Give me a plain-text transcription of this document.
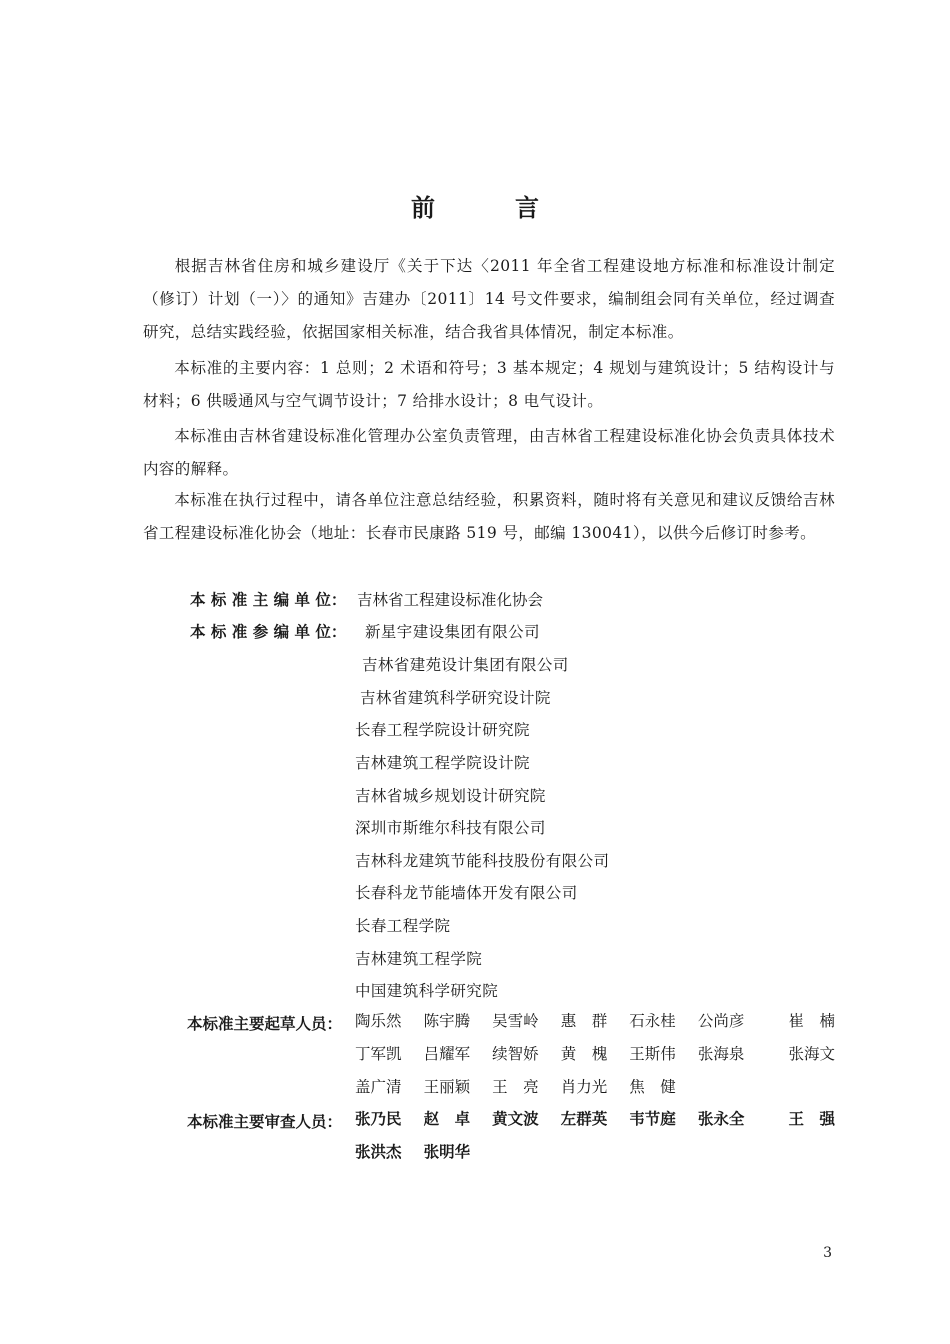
前　言

根据吉林省住房和城乡建设厅《关于下达〈2011 年全省工程建设地方标准和标准设计制定（修订）计划（一）〉的通知》吉建办〔2011〕14 号文件要求，编制组会同有关单位，经过调查研究，总结实践经验，依据国家相关标准，结合我省具体情况，制定本标准。

本标准的主要内容：1 总则；2 术语和符号；3 基本规定；4 规划与建筑设计；5 结构设计与材料；6 供暖通风与空气调节设计；7 给排水设计；8 电气设计。

本标准由吉林省建设标准化管理办公室负责管理，由吉林省工程建设标准化协会负责具体技术内容的解释。

本标准在执行过程中，请各单位注意总结经验，积累资料，随时将有关意见和建议反馈给吉林省工程建设标准化协会（地址：长春市民康路 519 号，邮编 130041），以供今后修订时参考。

本 标 准 主 编 单 位： 吉林省工程建设标准化协会
本 标 准 参 编 单 位： 新星宇建设集团有限公司
吉林省建苑设计集团有限公司
吉林省建筑科学研究设计院
长春工程学院设计研究院
吉林建筑工程学院设计院
吉林省城乡规划设计研究院
深圳市斯维尔科技有限公司
吉林科龙建筑节能科技股份有限公司
长春科龙节能墙体开发有限公司
长春工程学院
吉林建筑工程学院
中国建筑科学研究院
本标准主要起草人员： 陶乐然	陈宇腾	吴雪岭	惠　群	石永桂	公尚彦	崔　楠
丁军凯	吕耀军	续智娇	黄　槐	王斯伟	张海泉	张海文
盖广清	王丽颖	王　亮	肖力光	焦　健
本标准主要审查人员： 张乃民	赵　卓	黄文波	左群英	韦节庭	张永全	王　强
张洪杰	张明华
3
